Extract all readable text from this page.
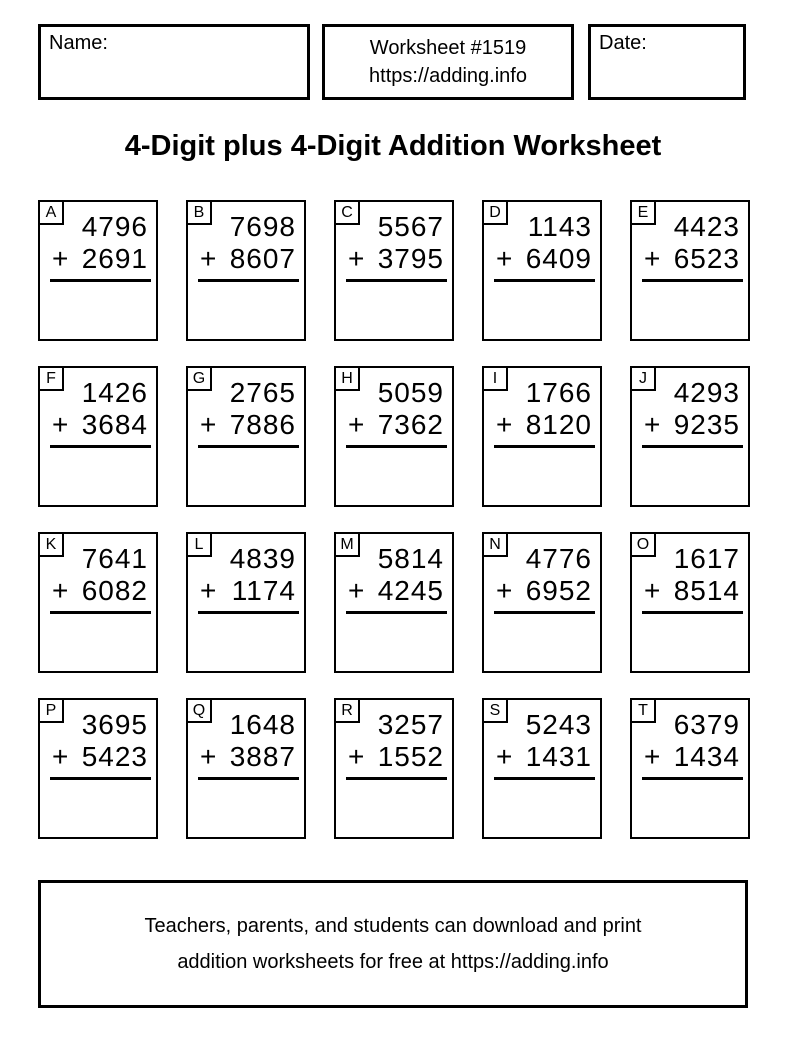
Name:	Worksheet #1519
https://adding.info
Date:
4-Digit plus 4-Digit Addition Worksheet
A 4796
+ 2691
B 7698
+ 8607
C 5567
+ 3795
D 1143
+ 6409
E 4423
+ 6523
F 1426
+ 3684
G 2765
+ 7886
H 5059
+ 7362
I	1766
+ 8120
J 4293
+ 9235
K 7641
+ 6082
L 4839
+ 1174
M 5814
+ 4245
N 4776
+ 6952
O 1617
+ 8514
P 3695
+ 5423
Q 1648
+ 3887
R 3257
+ 1552
S 5243
+ 1431
T 6379
+ 1434
Teachers, parents, and students can download and print
addition worksheets for free at https://adding.info
